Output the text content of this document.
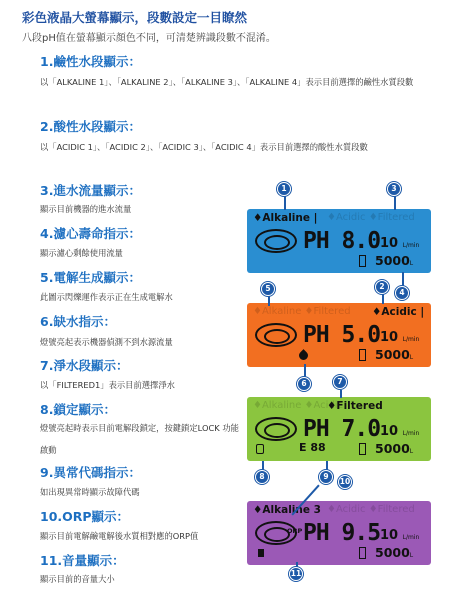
彩色液晶大螢幕顯示，段數設定一目瞭然
八段pH值在螢幕顯示顏色不同，可清楚辨識段數不混淆。
1.鹼性水段顯示：
以「ALKALINE 1」、「ALKALINE 2」、「ALKALINE 3」、「ALKALINE 4」表示目前選擇的鹼性水質段數
2.酸性水段顯示：
以「ACIDIC 1」、「ACIDIC 2」、「ACIDIC 3」、「ACIDIC 4」表示目前選擇的酸性水質段數
3.進水流量顯示：
顯示目前機器的進水流量
4.濾心壽命指示：
顯示濾心剩餘使用流量
5.電解生成顯示：
此圖示閃爍運作表示正在生成電解水
6.缺水指示：
燈號亮起表示機器偵測不到水源流量
7.淨水段顯示：
以「FILTERED1」表示目前選擇淨水
8.鎖定顯示：
燈號亮起時表示目前電解段鎖定，按鍵鎖定LOCK 功能啟動
9.異常代碼指示：
如出現異常時顯示故障代碼
10.ORP顯示：
顯示目前電解鹼電解後水質相對應的ORP值
11.音量顯示：
顯示目前的音量大小
♦Alkaline | ♦Acidic ♦Filtered
PH 8.0 10 L/min
5000L
♦Alkaline ♦Filtered ♦Acidic |
PH 5.0 10 L/min
5000L
♦Alkaline ♦Acidic
♦Filtered
PH 7.0 10 L/min
E 88	5000L
♦Alkaline 3 ♦Acidic ♦Filtered
ORP PH 9.5 10 L/min
5000L
1	3
2
4
5
6	7
8	9
10
11
